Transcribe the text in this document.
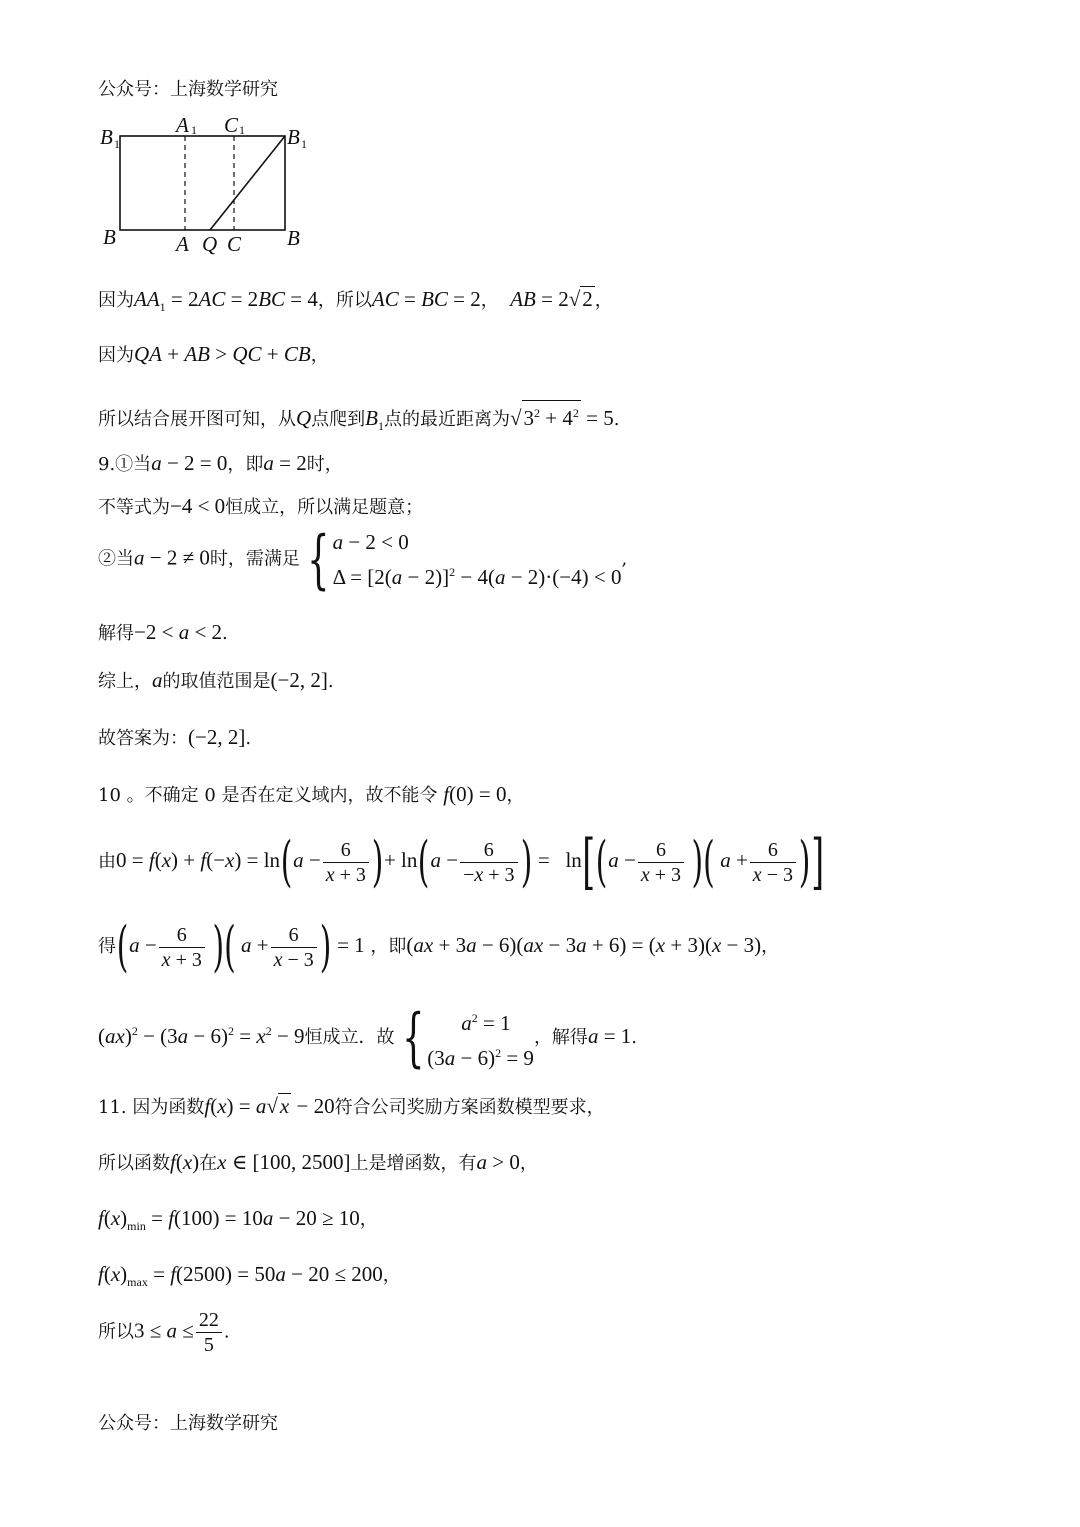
公众号：上海数学研究
B 1
A 1 C 1 B 1
B	A Q C B
因为$AA_1 = 2AC = 2BC = 4$，所以AC = BC = 2， AB = 2√2 ，
因为QA + AB > QC + CB，
所以结合展开图可知，从Q点爬到$B_1$点的最近距离为$√3^2 + 4^2 = 5$.
9.①当a − 2 = 0，即a = 2时，
不等式为−4 < 0恒成立，所以满足题意；
②当a − 2 ≠ 0时，需满足 { a − 2 < 0
$\Delta = [2(a - 2)]^2 - 4(a - 2)\cdot(-4) < 0$
,
解得−2 < a < 2.
综上，a的取值范围是(−2, 2].
故答案为：(−2, 2].
10 。不确定 0 是否在定义域内，故不能令 f(0) = 0，
由$0 = f(x) + f(-x) = \ln(a - \frac{6}{x + 3}$ )+ $\ln(a - \frac{6}{-x + 3}$ ) =   $\ln[(a - \frac{6}{x + 3}$ )( $a + \frac{6}{x - 3}$ )]
得($a - \frac{6}{x + 3}$ )( $a + \frac{6}{x - 3}$ ) = 1 ，即(ax + 3a − 6)(ax − 3a + 6) = (x + 3)(x − 3)，
$(ax)^2 - (3a - 6)^2 = x^2 - 9$恒成立．故 {	$a^2 = 1$
$(3a - 6)^2 = 9$
，解得a = 1.
11. 因为函数f(x) = a√x − 20符合公司奖励方案函数模型要求，
所以函数f(x)在x ∈ [100, 2500]上是增函数，有a > 0，
$f(x)_{min} = f(100) = 10a - 20 \ge 10$，
$f(x)_{max} = f(2500) = 50a - 20 \le 200$，
所以$3 \le a \le \frac{22}{5}$ .
公众号：上海数学研究
